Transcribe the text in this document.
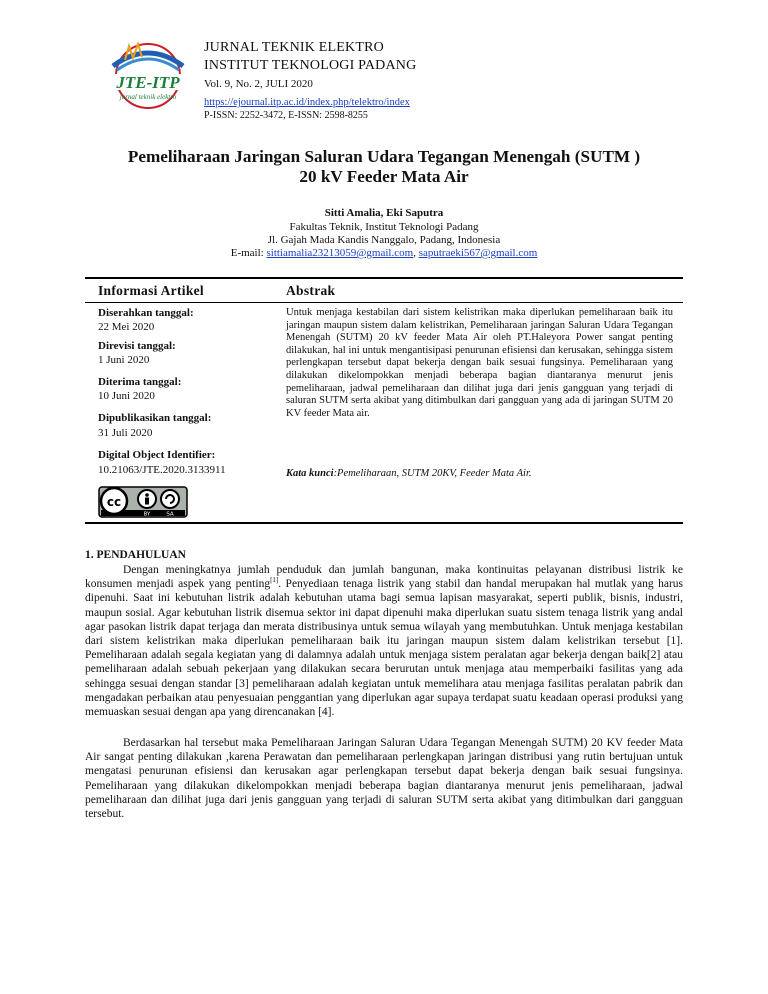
JTE-ITP
jurnal teknik elektro
JURNAL TEKNIK ELEKTRO
INSTITUT TEKNOLOGI PADANG
Vol. 9, No. 2, JULI 2020
https://ejournal.itp.ac.id/index.php/telektro/index
P-ISSN: 2252-3472, E-ISSN: 2598-8255
Pemeliharaan Jaringan Saluran Udara Tegangan Menengah (SUTM )
20 kV Feeder Mata Air
Sitti Amalia, Eki Saputra
Fakultas Teknik, Institut Teknologi Padang
Jl. Gajah Mada Kandis Nanggalo, Padang, Indonesia
E-mail: sittiamalia23213059@gmail.com, saputraeki567@gmail.com
Informasi Artikel	Abstrak
Diserahkan tanggal:
22 Mei 2020
Direvisi tanggal:
1 Juni 2020
Diterima tanggal:
10 Juni 2020
Dipublikasikan tanggal:
31 Juli 2020
Digital Object Identifier:
10.21063/JTE.2020.3133911
Untuk menjaga kestabilan dari sistem kelistrikan maka diperlukan pemeliharaan baik itu jaringan maupun sistem dalam kelistrikan, Pemeliharaan jaringan Saluran Udara Tegangan Menengah (SUTM) 20 kV feeder Mata Air oleh PT.Haleyora Power sangat penting dilakukan, hal ini untuk mengantisipasi penurunan efisiensi dan kerusakan, sehingga sistem perlengkapan tersebut dapat bekerja dengan baik sesuai fungsinya. Pemeliharaan yang dilakukan dikelompokkan menjadi beberapa bagian diantaranya menurut jenis pemeliharaan, jadwal pemeliharaan dan dilihat juga dari jenis gangguan yang terjadi di saluran SUTM serta akibat yang ditimbulkan dari gangguan yang ada di jaringan SUTM 20 KV feeder Mata air.
Kata kunci:Pemeliharaan, SUTM 20KV, Feeder Mata Air.
cc
BY	SA
1. PENDAHULUAN
Dengan meningkatnya jumlah penduduk dan jumlah bangunan, maka kontinuitas pelayanan distribusi listrik ke konsumen menjadi aspek yang penting[1]. Penyediaan tenaga listrik yang stabil dan handal merupakan hal mutlak yang harus dipenuhi. Saat ini kebutuhan listrik adalah kebutuhan utama bagi semua lapisan masyarakat, seperti publik, bisnis, industri, maupun sosial. Agar kebutuhan listrik disemua sektor ini dapat dipenuhi maka diperlukan suatu sistem tenaga listrik yang andal agar pasokan listrik dapat terjaga dan merata distribusinya untuk semua wilayah yang membutuhkan. Untuk menjaga kestabilan dari sistem kelistrikan maka diperlukan pemeliharaan baik itu jaringan maupun sistem dalam kelistrikan tersebut [1]. Pemeliharaan adalah segala kegiatan yang di dalamnya adalah untuk menjaga sistem peralatan agar bekerja dengan baik[2] atau pemeliharaan adalah sebuah pekerjaan yang dilakukan secara berurutan untuk menjaga atau memperbaiki fasilitas yang ada sehingga sesuai dengan standar [3] pemeliharaan adalah kegiatan untuk memelihara atau menjaga fasilitas peralatan pabrik dan mengadakan perbaikan atau penyesuaian penggantian yang diperlukan agar supaya terdapat suatu keadaan operasi produksi yang memuaskan sesuai dengan apa yang direncanakan [4].
Berdasarkan hal tersebut maka Pemeliharaan Jaringan Saluran Udara Tegangan Menengah SUTM) 20 KV feeder Mata Air sangat penting dilakukan ,karena Perawatan dan pemeliharaan perlengkapan jaringan distribusi yang rutin bertujuan untuk mengatasi penurunan efisiensi dan kerusakan agar perlengkapan tersebut dapat bekerja dengan baik sesuai fungsinya. Pemeliharaan yang dilakukan dikelompokkan menjadi beberapa bagian diantaranya menurut jenis pemeliharaan, jadwal pemeliharaan dan dilihat juga dari jenis gangguan yang terjadi di saluran SUTM serta akibat yang ditimbulkan dari gangguan tersebut.
